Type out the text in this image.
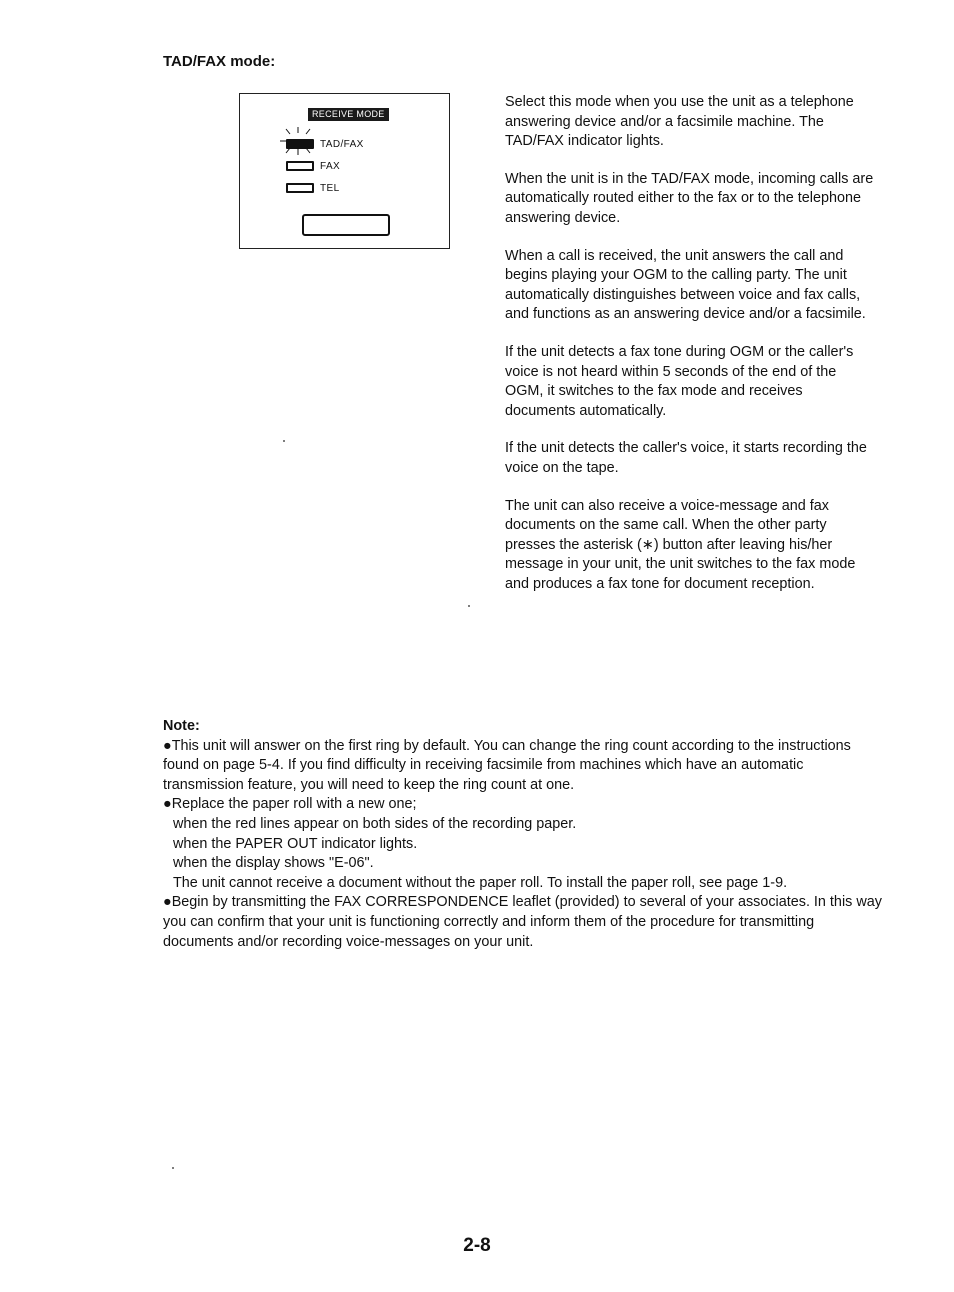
TAD/FAX mode:
RECEIVE MODE
TAD/FAX
FAX
TEL

Select this mode when you use the unit as a telephone answering device and/or a facsimile machine. The TAD/FAX indicator lights.

When the unit is in the TAD/FAX mode, incoming calls are automatically routed either to the fax or to the telephone answering device.

When a call is received, the unit answers the call and begins playing your OGM to the calling party. The unit automatically distinguishes between voice and fax calls, and functions as an answering device and/or a facsimile.

If the unit detects a fax tone during OGM or the caller's voice is not heard within 5 seconds of the end of the OGM, it switches to the fax mode and receives documents automatically.

If the unit detects the caller's voice, it starts recording the voice on the tape.

The unit can also receive a voice-message and fax documents on the same call. When the other party presses the asterisk (∗) button after leaving his/her message in your unit, the unit switches to the fax mode and produces a fax tone for document reception.

Note:

●This unit will answer on the first ring by default. You can change the ring count according to the instructions found on page 5-4. If you find difficulty in receiving facsimile from machines which have an automatic transmission feature, you will need to keep the ring count at one.

●Replace the paper roll with a new one;

when the red lines appear on both sides of the recording paper.

when the PAPER OUT indicator lights.

when the display shows "E-06".

The unit cannot receive a document without the paper roll. To install the paper roll, see page 1-9.

●Begin by transmitting the FAX CORRESPONDENCE leaflet (provided) to several of your associates. In this way you can confirm that your unit is functioning correctly and inform them of the procedure for transmitting documents and/or recording voice-messages on your unit.

2-8
